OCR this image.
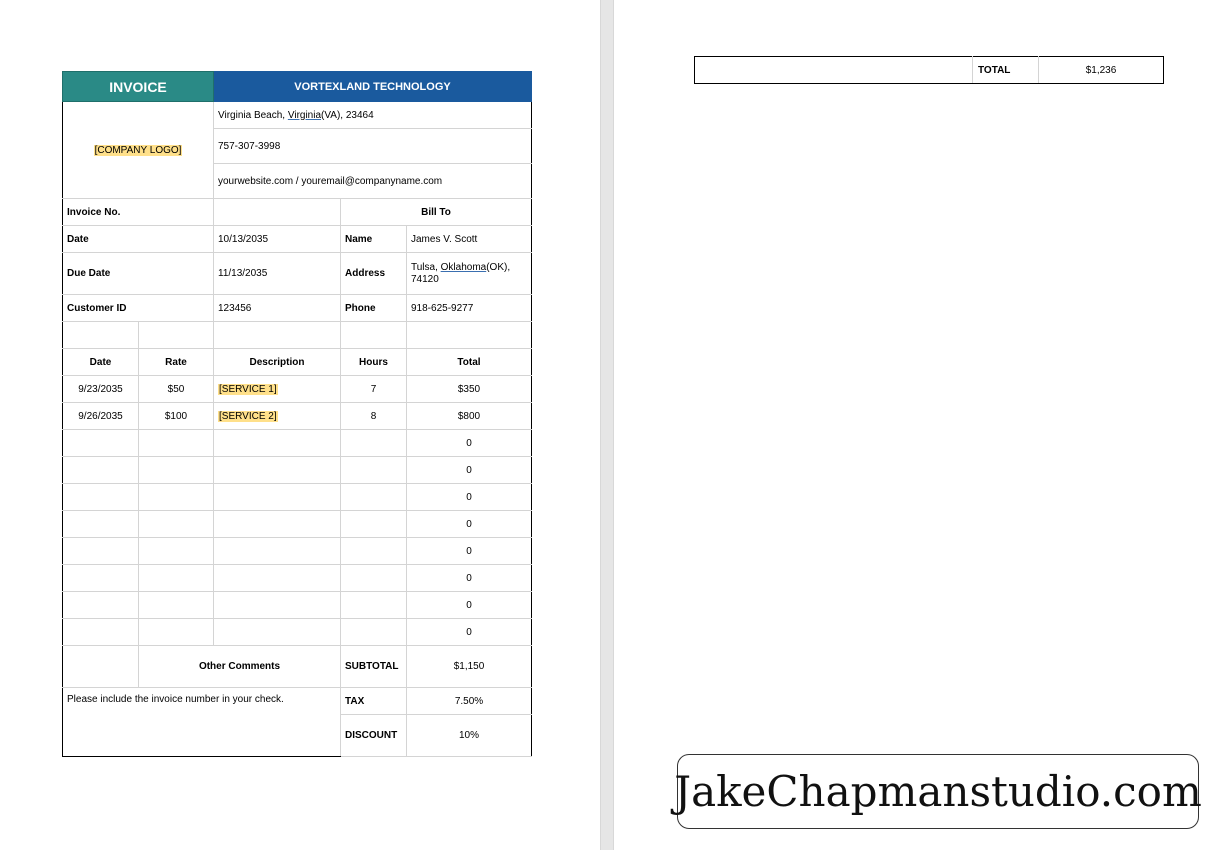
INVOICE		VORTEXLAND TECHNOLOGY		
[COMPANY LOGO]		Virginia Beach, Virginia(VA), 23464		
		757-307-3998		
		yourwebsite.com / youremail@companyname.com		
Invoice No.			Bill To	
Date		10/13/2035	Name	James V. Scott
Due Date		11/13/2035	Address	Tulsa, Oklahoma(OK), 74120
Customer ID		123456	Phone	918-625-9277

Date	Rate	Description	Hours	Total
9/23/2035	$50	[SERVICE 1]	7	$350
9/26/2035	$100	[SERVICE 2]	8	$800
				0
				0
				0
				0
				0
				0
				0
				0
	Other Comments		SUBTOTAL	$1,150
Please include the invoice number in your check.			TAX	7.50%
			DISCOUNT	10%
	TOTAL	$1,236
JakeChapmanstudio.com
